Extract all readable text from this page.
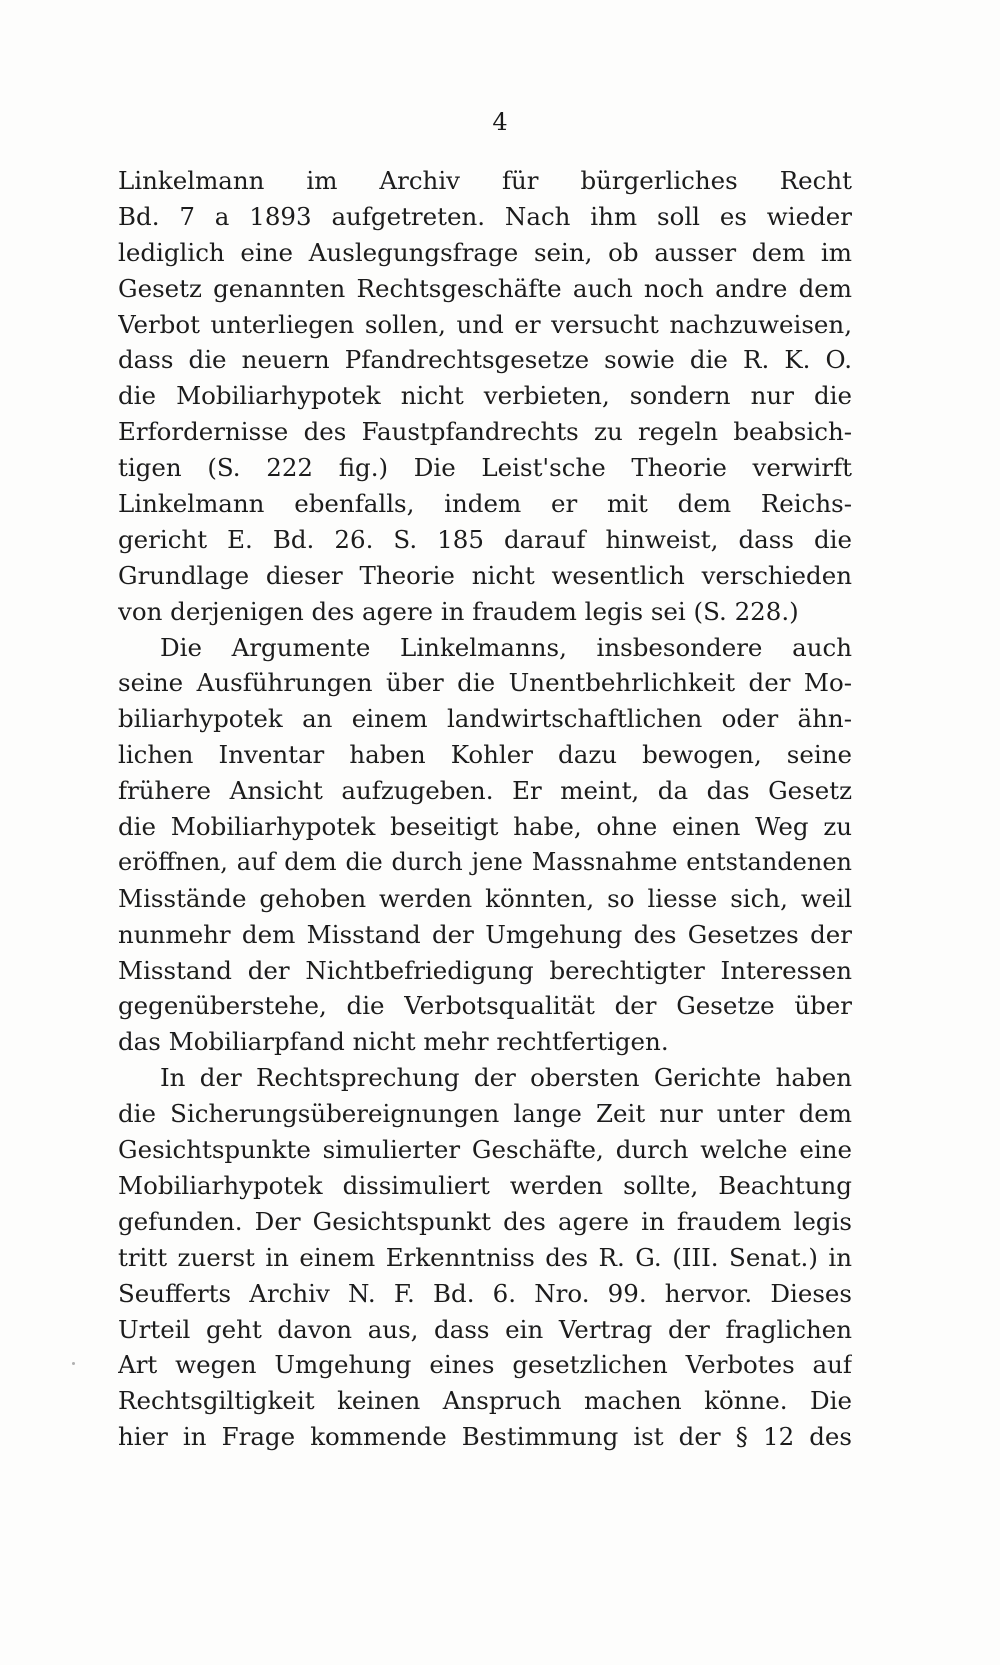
4
Linkelmann im Archiv für bürgerliches Recht
Bd. 7 a 1893 aufgetreten. Nach ihm soll es wieder
lediglich eine Auslegungsfrage sein, ob ausser dem im
Gesetz genannten Rechtsgeschäfte auch noch andre dem
Verbot unterliegen sollen, und er versucht nachzuweisen,
dass die neuern Pfandrechtsgesetze sowie die R. K. O.
die Mobiliarhypotek nicht verbieten, sondern nur die
Erfordernisse des Faustpfandrechts zu regeln beabsich-
tigen (S. 222 fig.) Die Leist'sche Theorie verwirft
Linkelmann ebenfalls, indem er mit dem Reichs-
gericht E. Bd. 26. S. 185 darauf hinweist, dass die
Grundlage dieser Theorie nicht wesentlich verschieden
von derjenigen des agere in fraudem legis sei (S. 228.)
Die Argumente Linkelmanns, insbesondere auch
seine Ausführungen über die Unentbehrlichkeit der Mo-
biliarhypotek an einem landwirtschaftlichen oder ähn-
lichen Inventar haben Kohler dazu bewogen, seine
frühere Ansicht aufzugeben. Er meint, da das Gesetz
die Mobiliarhypotek beseitigt habe, ohne einen Weg zu
eröffnen, auf dem die durch jene Massnahme entstandenen
Misstände gehoben werden könnten, so liesse sich, weil
nunmehr dem Misstand der Umgehung des Gesetzes der
Misstand der Nichtbefriedigung berechtigter Interessen
gegenüberstehe, die Verbotsqualität der Gesetze über
das Mobiliarpfand nicht mehr rechtfertigen.
In der Rechtsprechung der obersten Gerichte haben
die Sicherungsübereignungen lange Zeit nur unter dem
Gesichtspunkte simulierter Geschäfte, durch welche eine
Mobiliarhypotek dissimuliert werden sollte, Beachtung
gefunden. Der Gesichtspunkt des agere in fraudem legis
tritt zuerst in einem Erkenntniss des R. G. (III. Senat.) in
Seufferts Archiv N. F. Bd. 6. Nro. 99. hervor. Dieses
Urteil geht davon aus, dass ein Vertrag der fraglichen
Art wegen Umgehung eines gesetzlichen Verbotes auf
Rechtsgiltigkeit keinen Anspruch machen könne. Die
hier in Frage kommende Bestimmung ist der § 12 des
